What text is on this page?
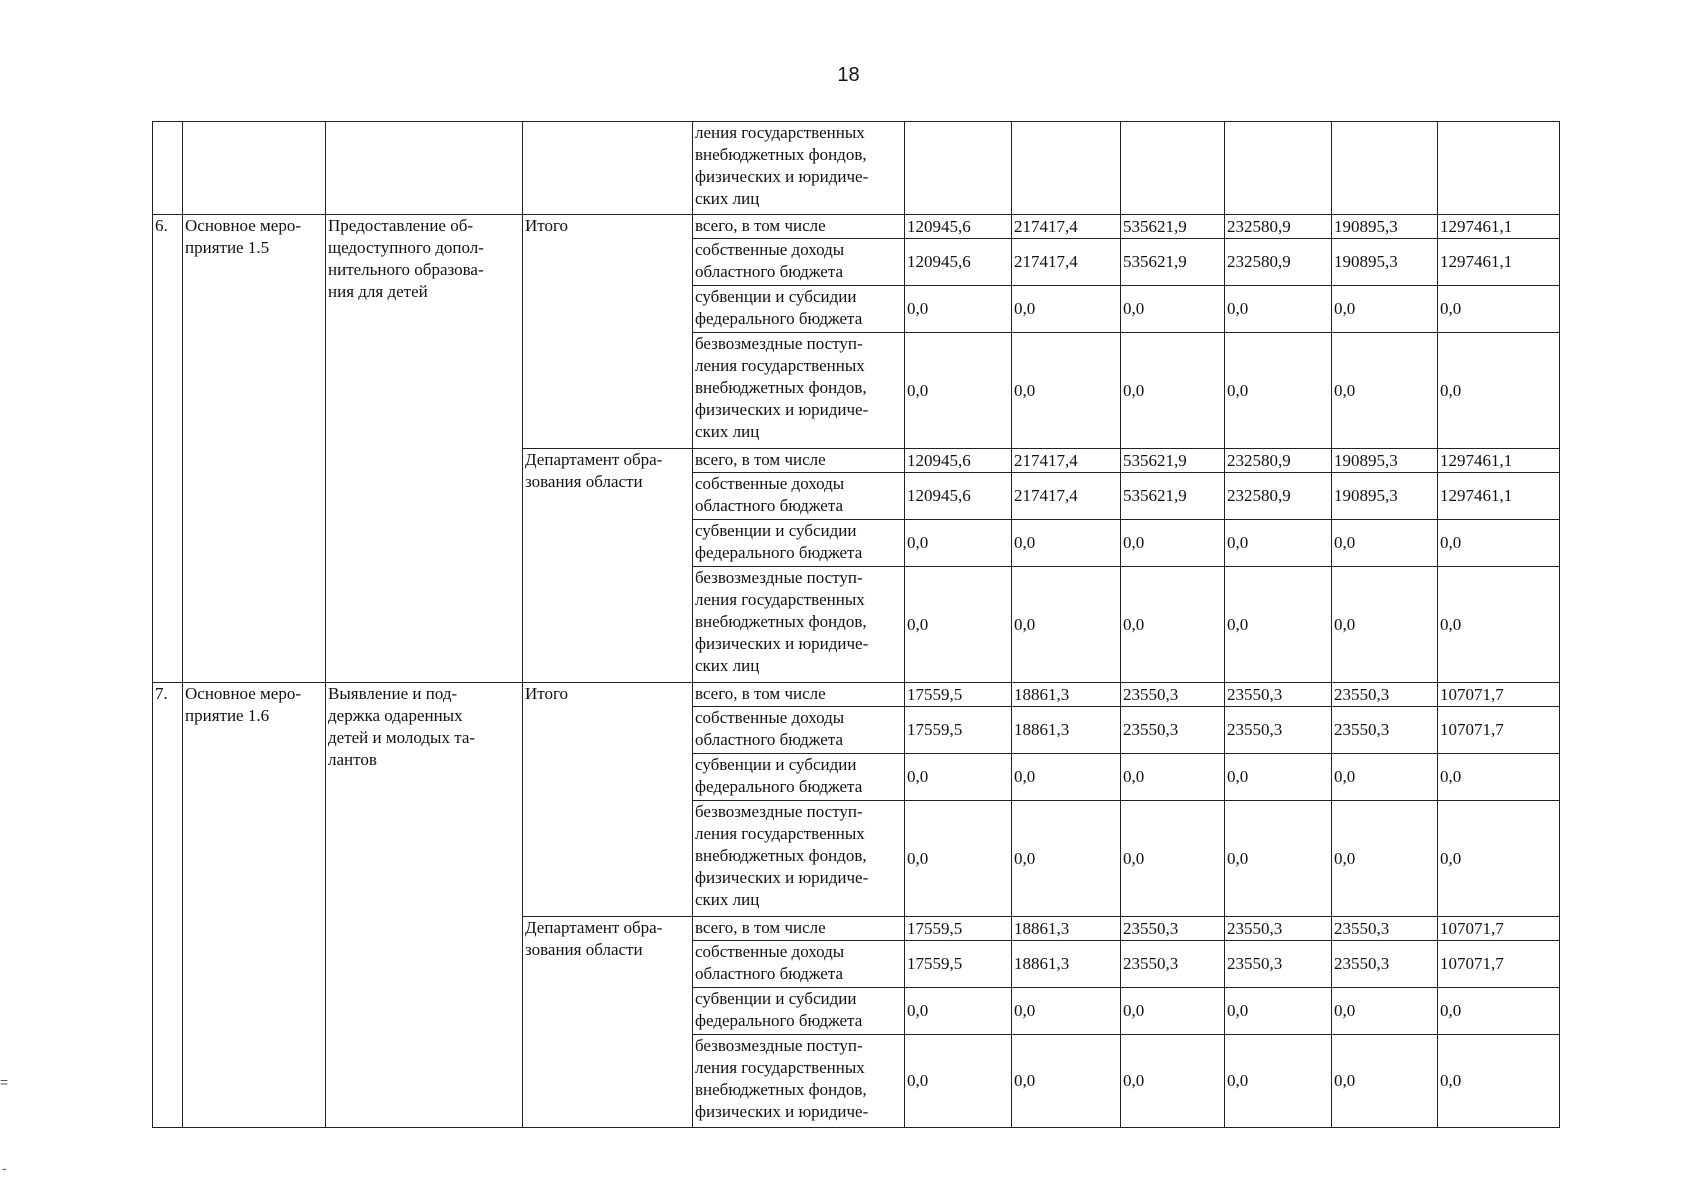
18
=
-
				ления государственных
внебюджетных фондов,
физических и юридиче-
ских лиц						
6.	Основное меро-
приятие 1.5	Предоставление об-
щедоступного допол-
нительного образова-
ния для детей	Итого	всего, в том числе	120945,6	217417,4	535621,9	232580,9	190895,3	1297461,1
				собственные доходы
областного бюджета	120945,6	217417,4	535621,9	232580,9	190895,3	1297461,1
				субвенции и субсидии
федерального бюджета	0,0	0,0	0,0	0,0	0,0	0,0
				безвозмездные поступ-
ления государственных
внебюджетных фондов,
физических и юридиче-
ских лиц	0,0	0,0	0,0	0,0	0,0	0,0
			Департамент обра-
зования области	всего, в том числе	120945,6	217417,4	535621,9	232580,9	190895,3	1297461,1
				собственные доходы
областного бюджета	120945,6	217417,4	535621,9	232580,9	190895,3	1297461,1
				субвенции и субсидии
федерального бюджета	0,0	0,0	0,0	0,0	0,0	0,0
				безвозмездные поступ-
ления государственных
внебюджетных фондов,
физических и юридиче-
ских лиц	0,0	0,0	0,0	0,0	0,0	0,0
7.	Основное меро-
приятие 1.6	Выявление и под-
держка одаренных
детей и молодых та-
лантов	Итого	всего, в том числе	17559,5	18861,3	23550,3	23550,3	23550,3	107071,7
				собственные доходы
областного бюджета	17559,5	18861,3	23550,3	23550,3	23550,3	107071,7
				субвенции и субсидии
федерального бюджета	0,0	0,0	0,0	0,0	0,0	0,0
				безвозмездные поступ-
ления государственных
внебюджетных фондов,
физических и юридиче-
ских лиц	0,0	0,0	0,0	0,0	0,0	0,0
			Департамент обра-
зования области	всего, в том числе	17559,5	18861,3	23550,3	23550,3	23550,3	107071,7
				собственные доходы
областного бюджета	17559,5	18861,3	23550,3	23550,3	23550,3	107071,7
				субвенции и субсидии
федерального бюджета	0,0	0,0	0,0	0,0	0,0	0,0
				безвозмездные поступ-
ления государственных
внебюджетных фондов,
физических и юридиче-	0,0	0,0	0,0	0,0	0,0	0,0
